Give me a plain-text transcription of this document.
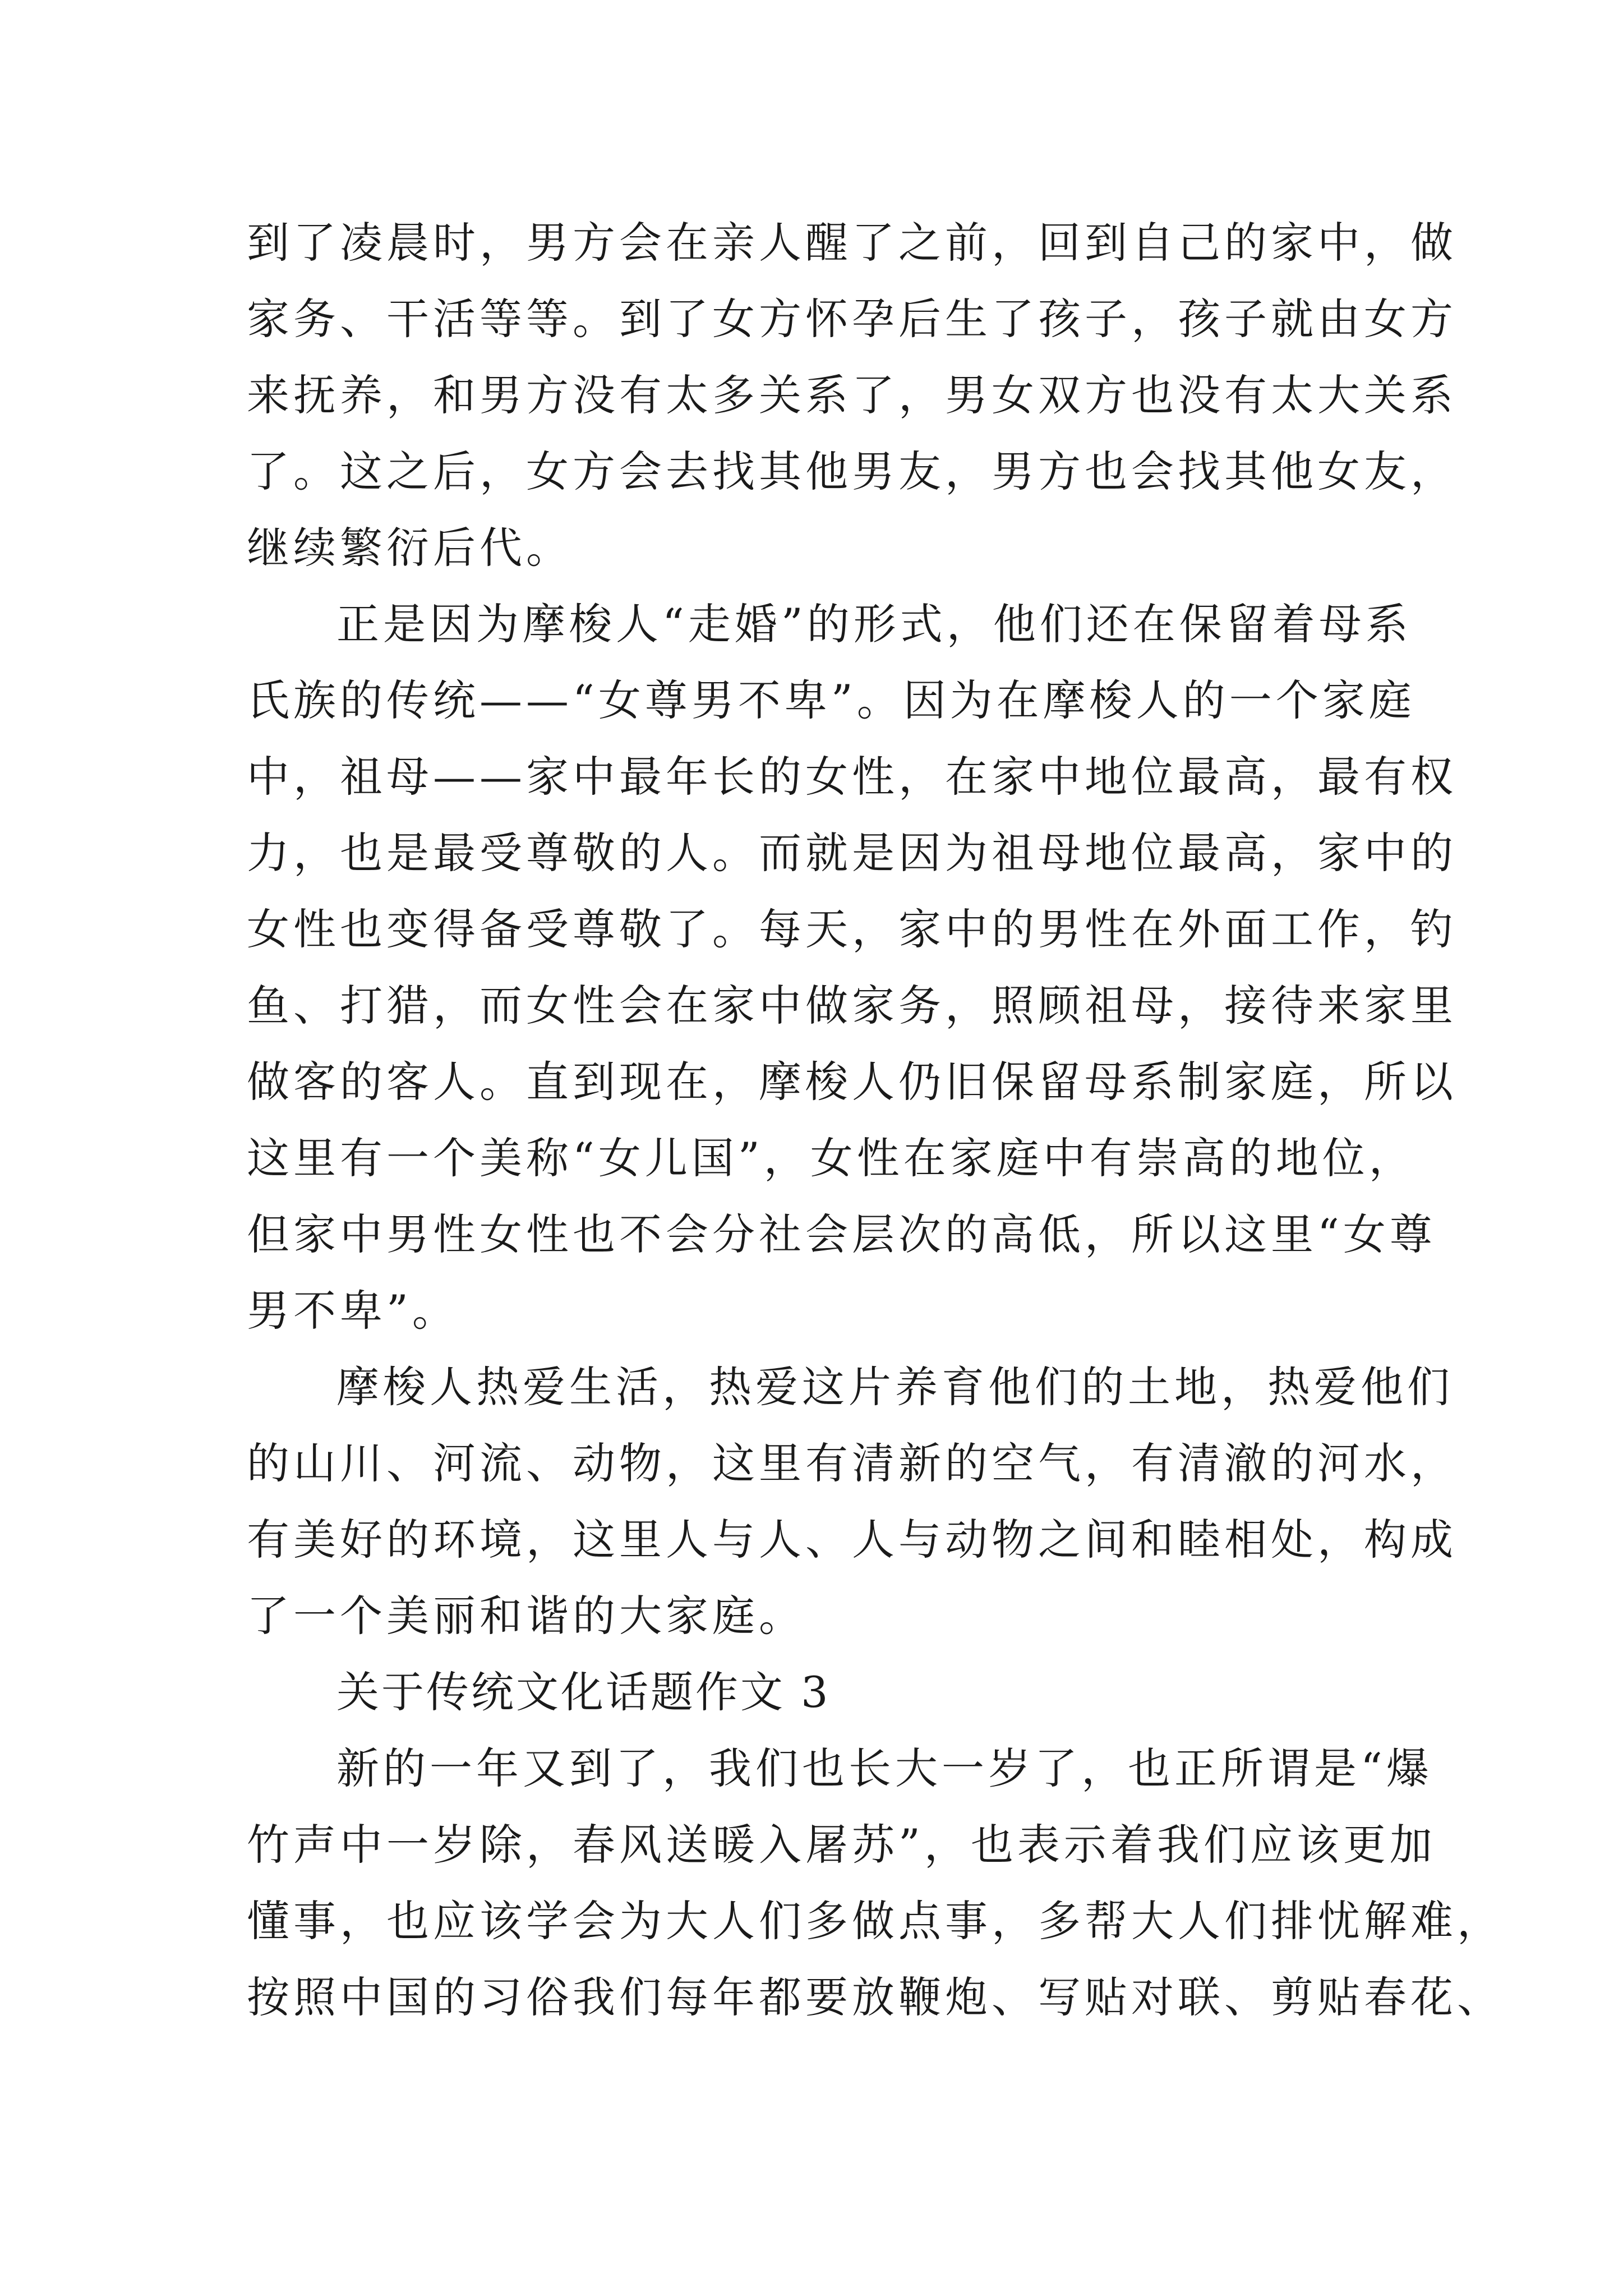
到了凌晨时，男方会在亲人醒了之前，回到自己的家中，做
家务、干活等等。到了女方怀孕后生了孩子，孩子就由女方
来抚养，和男方没有太多关系了，男女双方也没有太大关系
了。这之后，女方会去找其他男友，男方也会找其他女友，
继续繁衍后代。
正是因为摩梭人“走婚”的形式，他们还在保留着母系
氏族的传统——“女尊男不卑”。因为在摩梭人的一个家庭
中，祖母——家中最年长的女性，在家中地位最高，最有权
力，也是最受尊敬的人。而就是因为祖母地位最高，家中的
女性也变得备受尊敬了。每天，家中的男性在外面工作，钓
鱼、打猎，而女性会在家中做家务，照顾祖母，接待来家里
做客的客人。直到现在，摩梭人仍旧保留母系制家庭，所以
这里有一个美称“女儿国”，女性在家庭中有崇高的地位，
但家中男性女性也不会分社会层次的高低，所以这里“女尊
男不卑”。
摩梭人热爱生活，热爱这片养育他们的土地，热爱他们
的山川、河流、动物，这里有清新的空气，有清澈的河水，
有美好的环境，这里人与人、人与动物之间和睦相处，构成
了一个美丽和谐的大家庭。
关于传统文化话题作文 3
新的一年又到了，我们也长大一岁了，也正所谓是“爆
竹声中一岁除，春风送暖入屠苏”，也表示着我们应该更加
懂事，也应该学会为大人们多做点事，多帮大人们排忧解难，
按照中国的习俗我们每年都要放鞭炮、写贴对联、剪贴春花、
